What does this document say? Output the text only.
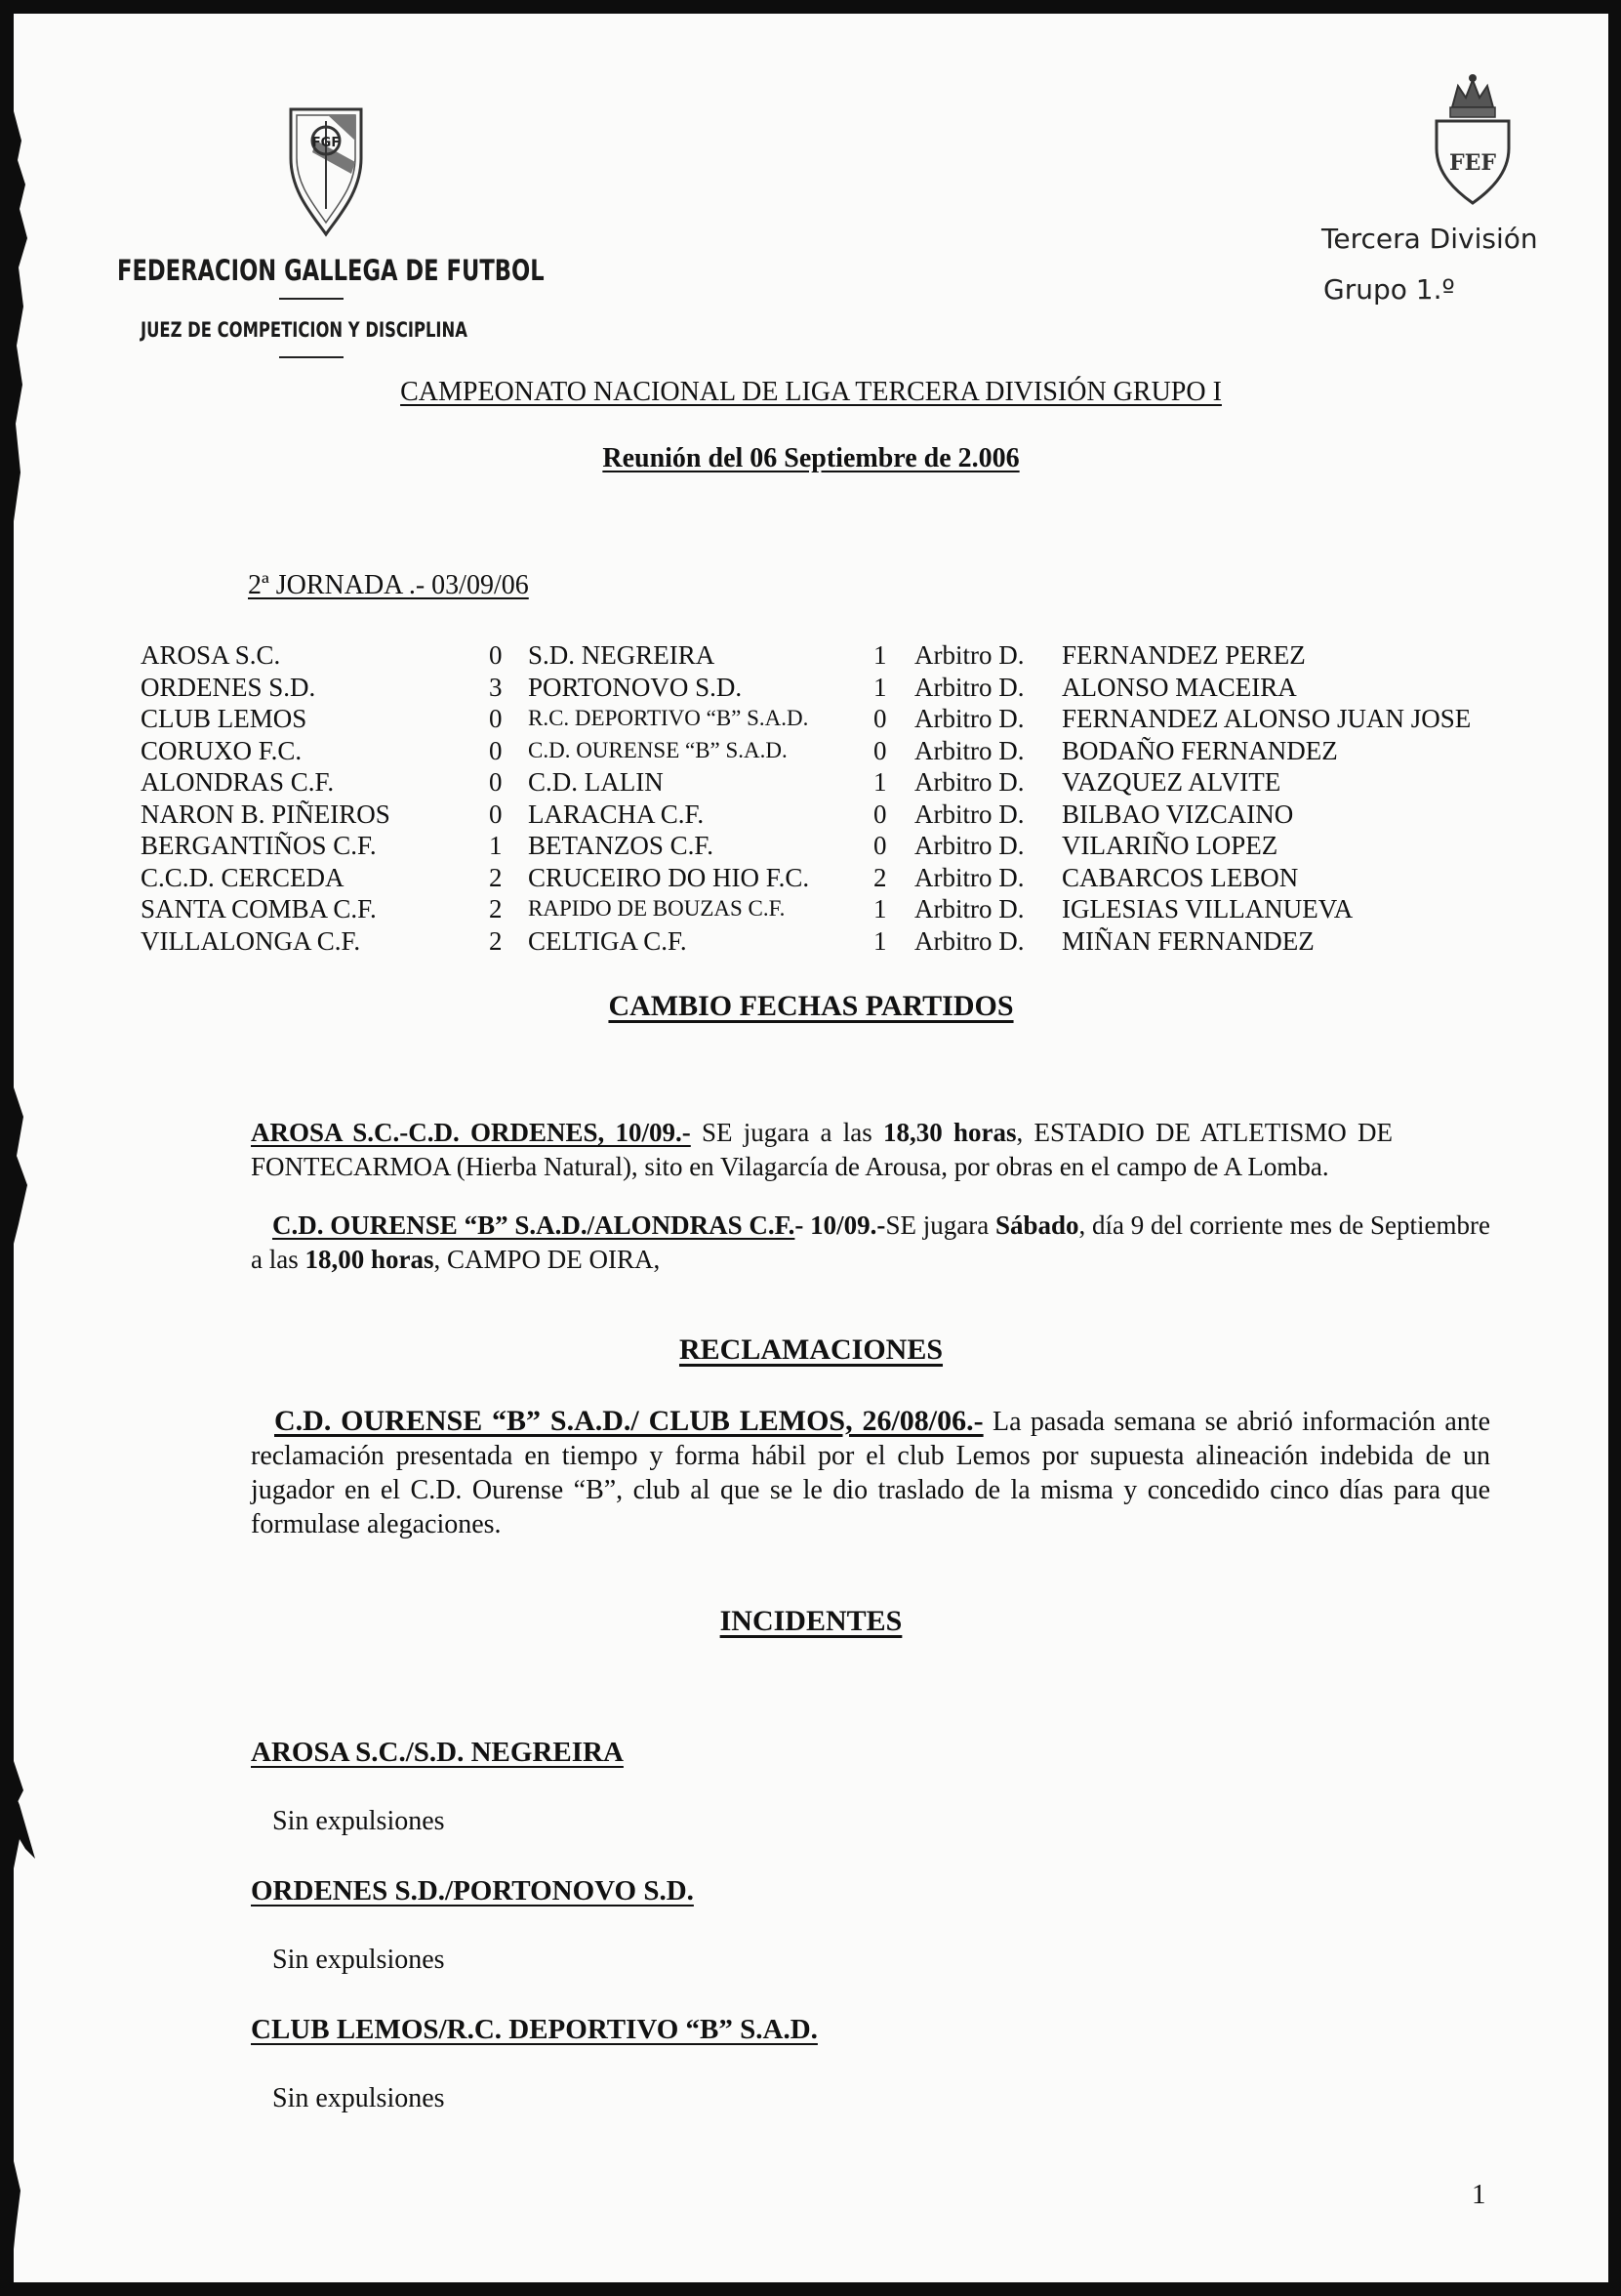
FGF
FEDERACION GALLEGA DE FUTBOL
JUEZ DE COMPETICION Y DISCIPLINA
FEF
Tercera División
Grupo 1.º
CAMPEONATO NACIONAL DE LIGA TERCERA DIVISIÓN GRUPO I
Reunión del 06 Septiembre de 2.006
2ª JORNADA .- 03/09/06
AROSA S.C.	0	S.D. NEGREIRA	1	Arbitro D.	FERNANDEZ PEREZ
ORDENES S.D.	3	PORTONOVO S.D.	1	Arbitro D.	ALONSO MACEIRA
CLUB LEMOS	0	R.C. DEPORTIVO “B” S.A.D.	0	Arbitro D.	FERNANDEZ ALONSO JUAN JOSE
CORUXO F.C.	0	C.D. OURENSE “B” S.A.D.	0	Arbitro D.	BODAÑO FERNANDEZ
ALONDRAS C.F.	0	C.D. LALIN	1	Arbitro D.	VAZQUEZ ALVITE
NARON B. PIÑEIROS	0	LARACHA C.F.	0	Arbitro D.	BILBAO VIZCAINO
BERGANTIÑOS C.F.	1	BETANZOS C.F.	0	Arbitro D.	VILARIÑO LOPEZ
C.C.D. CERCEDA	2	CRUCEIRO DO HIO F.C.	2	Arbitro D.	CABARCOS LEBON
SANTA COMBA C.F.	2	RAPIDO DE BOUZAS C.F.	1	Arbitro D.	IGLESIAS VILLANUEVA
VILLALONGA C.F.	2	CELTIGA C.F.	1	Arbitro D.	MIÑAN FERNANDEZ
CAMBIO FECHAS PARTIDOS
AROSA S.C.-C.D. ORDENES, 10/09.- SE jugara a las 18,30 horas, ESTADIO DE ATLETISMO DE FONTECARMOA (Hierba Natural), sito en Vilagarcía de Arousa, por obras en el campo de A Lomba.
C.D. OURENSE “B” S.A.D./ALONDRAS C.F.- 10/09.-SE jugara Sábado, día 9 del corriente mes de Septiembre a las 18,00 horas, CAMPO DE OIRA,
RECLAMACIONES
C.D. OURENSE “B” S.A.D./ CLUB LEMOS, 26/08/06.- La pasada semana se abrió información ante reclamación presentada en tiempo y forma hábil por el club Lemos por supuesta alineación indebida de un jugador en el C.D. Ourense “B”, club al que se le dio traslado de la misma y concedido cinco días para que formulase alegaciones.
INCIDENTES
AROSA S.C./S.D. NEGREIRA
Sin expulsiones
ORDENES S.D./PORTONOVO S.D.
Sin expulsiones
CLUB LEMOS/R.C. DEPORTIVO “B” S.A.D.
Sin expulsiones
1
